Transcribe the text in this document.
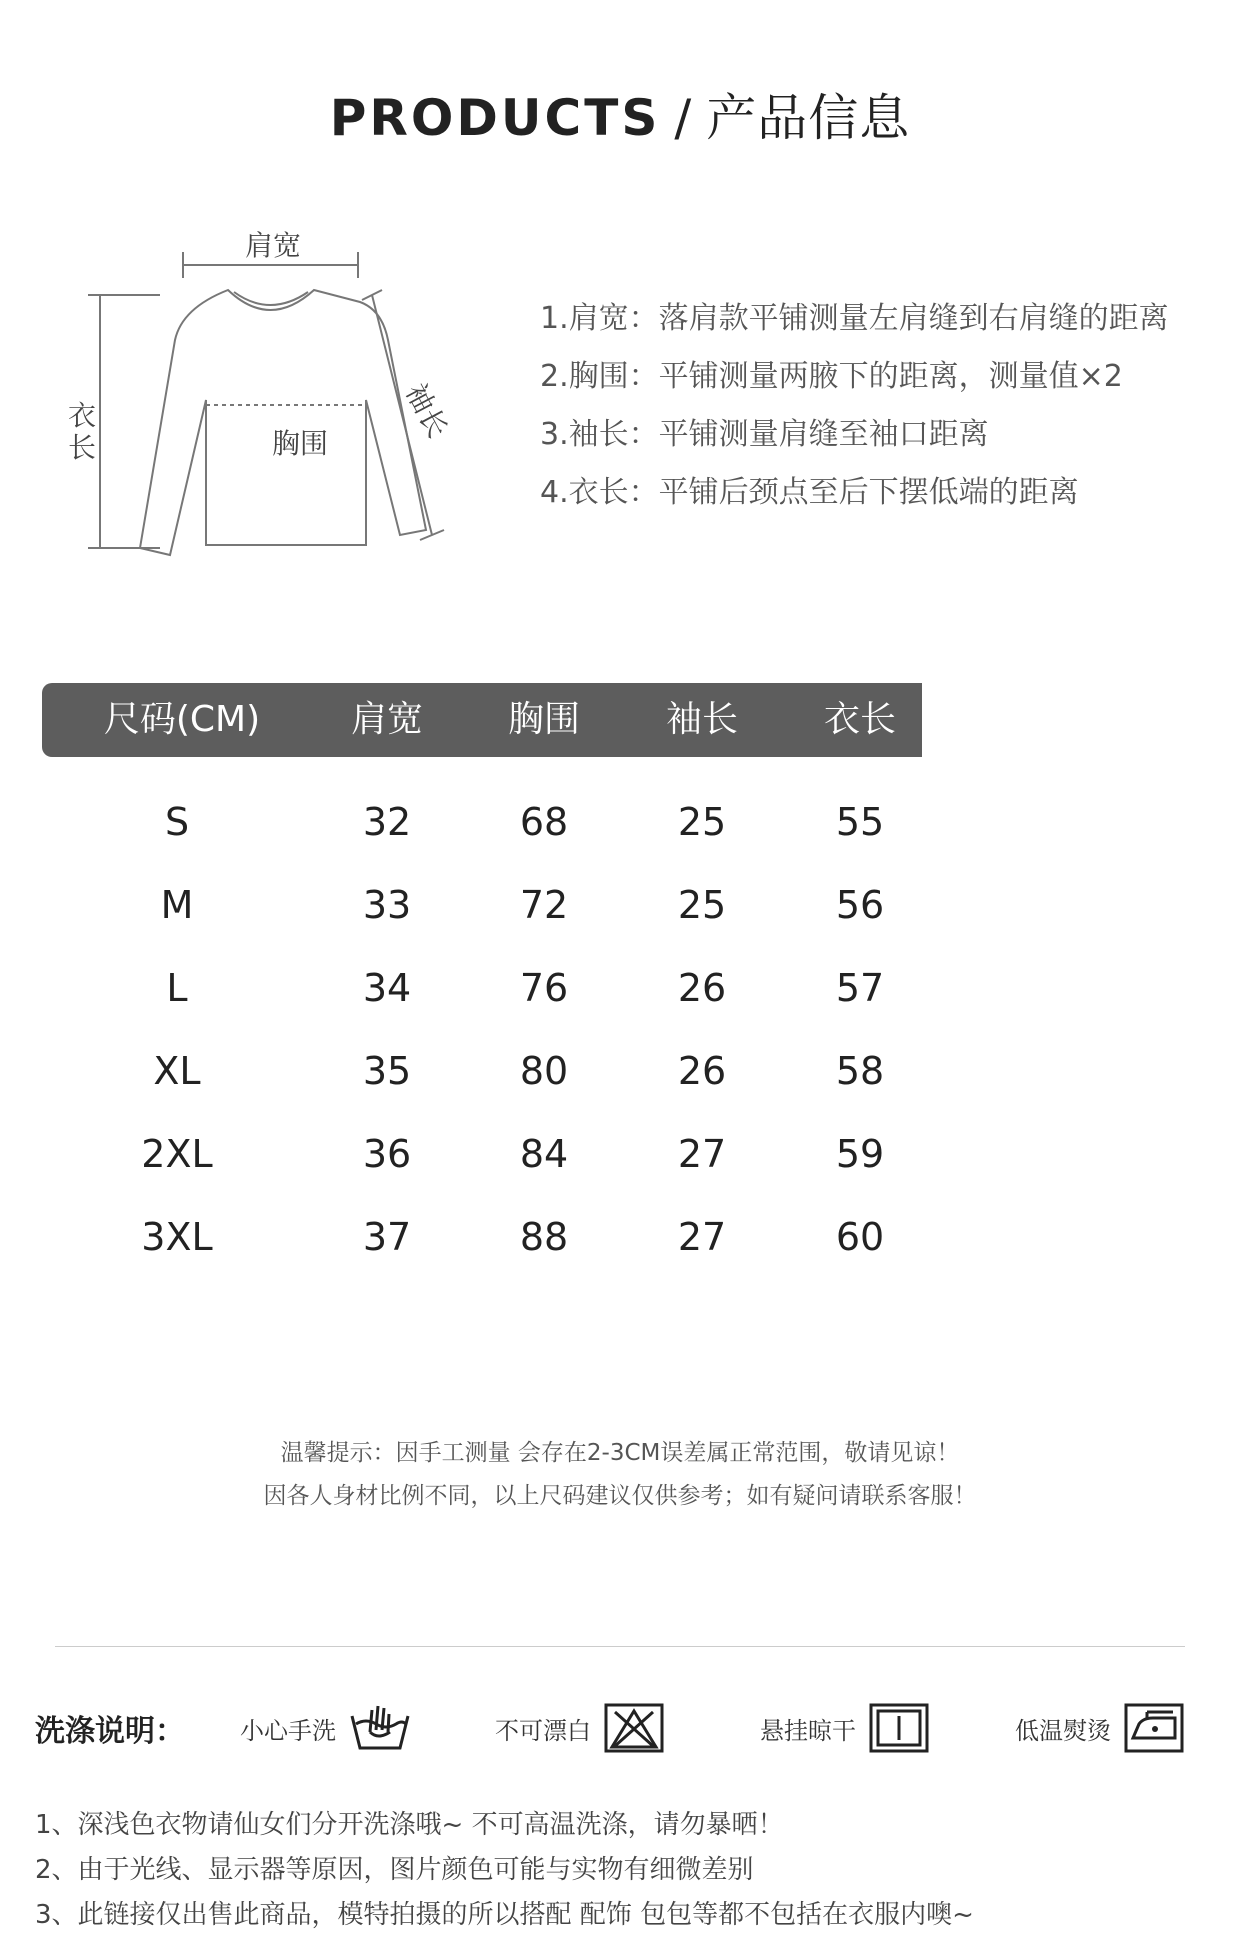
PRODUCTS / 产品信息
肩宽
胸围
袖长
衣长
1.肩宽：落肩款平铺测量左肩缝到右肩缝的距离
2.胸围：平铺测量两腋下的距离，测量值×2
3.袖长：平铺测量肩缝至袖口距离
4.衣长：平铺后颈点至后下摆低端的距离
尺码(CM)	肩宽 胸围 袖长 衣长
S	32	68	25	55
M	33	72	25	56
L	34	76	26	57
XL	35	80	26	58
2XL	36	84	27	59
3XL	37	88	27	60
温馨提示：因手工测量 会存在2-3CM误差属正常范围，敬请见谅！
因各人身材比例不同，以上尺码建议仅供参考；如有疑问请联系客服！
洗涤说明： 小心手洗	不可漂白	悬挂晾干	低温熨烫
1、深浅色衣物请仙女们分开洗涤哦~ 不可高温洗涤，请勿暴晒！
2、由于光线、显示器等原因，图片颜色可能与实物有细微差别
3、此链接仅出售此商品，模特拍摄的所以搭配 配饰 包包等都不包括在衣服内噢~
